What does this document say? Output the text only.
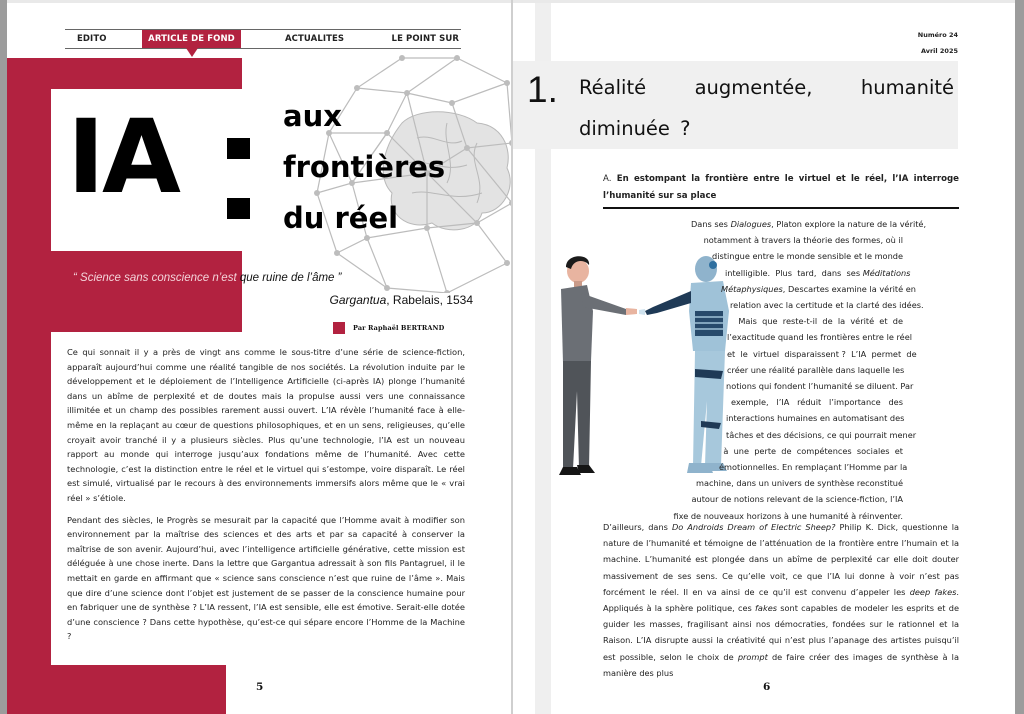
EDITO	ARTICLE DE FOND	ACTUALITES	LE POINT SUR
IA	aux
frontières
du réel
“ Science sans conscience n’est que ruine de l’âme ”
Gargantua, Rabelais, 1534
Par Raphaël BERTRAND

Ce qui sonnait il y a près de vingt ans comme le sous-titre d’une série de science-fiction, apparaît aujourd’hui comme une réalité tangible de nos sociétés. La révolution induite par le développement et le déploiement de l’Intelligence Artificielle (ci-après IA) plonge l’humanité dans un abîme de perplexité et de doutes mais la propulse aussi vers une connaissance illimitée et un champ des possibles rarement aussi ouvert. L’IA révèle l’humanité face à elle-même en la replaçant au cœur de questions philosophiques, et en un sens, religieuses, qu’elle croyait avoir tranché il y a plusieurs siècles. Plus qu’une technologie, l’IA est un nouveau rapport au monde qui interroge jusqu’aux fondations même de l’humanité. Avec cette technologie, c’est la distinction entre le réel et le virtuel qui s’estompe, voire disparaît. Le réel est simulé, virtualisé par le recours à des environnements immersifs alors même que le « vrai réel » s’étiole.

Pendant des siècles, le Progrès se mesurait par la capacité que l’Homme avait à modifier son environnement par la maîtrise des sciences et des arts et par sa capacité à conserver la maîtrise de son avenir. Aujourd’hui, avec l’intelligence artificielle générative, cette mission est déléguée à une chose inerte. Dans la lettre que Gargantua adressait à son fils Pantagruel, il le mettait en garde en affirmant que « science sans conscience n’est que ruine de l’âme ». Mais que dire d’une science dont l’objet est justement de se passer de la conscience humaine pour en fabriquer une de synthèse ? L’IA ressent, l’IA est sensible, elle est émotive. Serait-elle dotée d’une conscience ? Dans cette hypothèse, qu’est-ce qui sépare encore l’Homme de la Machine ?

5
Numéro 24
Avril 2025
1. Réalité augmentée, humanité diminuée ?
A. En estompant la frontière entre le virtuel et le réel, l’IA interroge l’humanité sur sa place
Dans ses Dialogues, Platon explore la nature de la vérité,
notamment à travers la théorie des formes, où il
distingue entre le monde sensible et le monde
intelligible.  Plus  tard,  dans  ses Méditations
Métaphysiques, Descartes examine la vérité en
relation avec la certitude et la clarté des idées.
Mais  que  reste-t-il  de  la  vérité  et  de
l’exactitude quand les frontières entre le réel
et  le  virtuel  disparaissent ?  L’IA  permet  de
créer une réalité parallèle dans laquelle les
notions qui fondent l’humanité se diluent. Par
exemple,   l’IA   réduit   l’importance   des
interactions humaines en automatisant des
tâches et des décisions, ce qui pourrait mener
à  une  perte  de  compétences  sociales  et
émotionnelles. En remplaçant l’Homme par la
machine, dans un univers de synthèse reconstitué
autour de notions relevant de la science-fiction, l’IA
fixe de nouveaux horizons à une humanité à réinventer.

D’ailleurs, dans Do Androids Dream of Electric Sheep? Philip K. Dick, questionne la nature de l’humanité et témoigne de l’atténuation de la frontière entre l’humain et la machine. L’humanité est plongée dans un abîme de perplexité car elle doit douter massivement de ses sens. Ce qu’elle voit, ce que l’IA lui donne à voir n’est pas forcément le réel. Il en va ainsi de ce qu’il est convenu d’appeler les deep fakes. Appliqués à la sphère politique, ces fakes sont capables de modeler les esprits et de guider les masses, fragilisant ainsi nos démocraties, fondées sur le rationnel et la Raison. L’IA disrupte aussi la créativité qui n’est plus l’apanage des artistes puisqu’il est possible, selon le choix de prompt de faire créer des images de synthèse à la manière des plus

6
